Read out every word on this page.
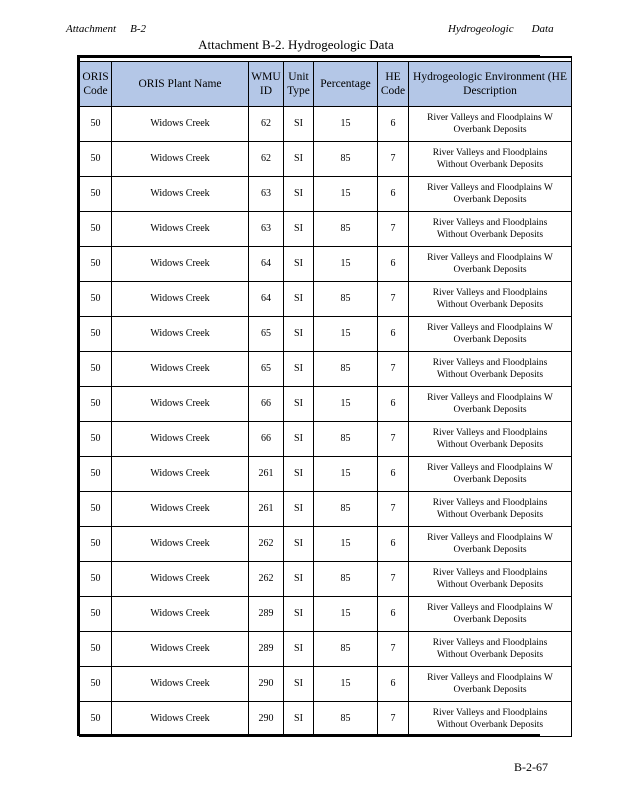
Attachment B-2	Hydrogeologic Data
Attachment B-2. Hydrogeologic Data

ORIS Code	ORIS Plant Name	WMU ID	Unit Type	Percentage	HE Code	Hydrogeologic Environment (HE Description
50	Widows Creek	62	SI	15	6	River Valleys and Floodplains W
Overbank Deposits

50	Widows Creek	62	SI	85	7	River Valleys and Floodplains
Without Overbank Deposits

50	Widows Creek	63	SI	15	6	River Valleys and Floodplains W
Overbank Deposits

50	Widows Creek	63	SI	85	7	River Valleys and Floodplains
Without Overbank Deposits

50	Widows Creek	64	SI	15	6	River Valleys and Floodplains W
Overbank Deposits

50	Widows Creek	64	SI	85	7	River Valleys and Floodplains
Without Overbank Deposits

50	Widows Creek	65	SI	15	6	River Valleys and Floodplains W
Overbank Deposits

50	Widows Creek	65	SI	85	7	River Valleys and Floodplains
Without Overbank Deposits

50	Widows Creek	66	SI	15	6	River Valleys and Floodplains W
Overbank Deposits

50	Widows Creek	66	SI	85	7	River Valleys and Floodplains
Without Overbank Deposits

50	Widows Creek	261	SI	15	6	River Valleys and Floodplains W
Overbank Deposits

50	Widows Creek	261	SI	85	7	River Valleys and Floodplains
Without Overbank Deposits

50	Widows Creek	262	SI	15	6	River Valleys and Floodplains W
Overbank Deposits

50	Widows Creek	262	SI	85	7	River Valleys and Floodplains
Without Overbank Deposits

50	Widows Creek	289	SI	15	6	River Valleys and Floodplains W
Overbank Deposits

50	Widows Creek	289	SI	85	7	River Valleys and Floodplains
Without Overbank Deposits

50	Widows Creek	290	SI	15	6	River Valleys and Floodplains W
Overbank Deposits

50	Widows Creek	290	SI	85	7	River Valleys and Floodplains
Without Overbank Deposits
B-2-67
